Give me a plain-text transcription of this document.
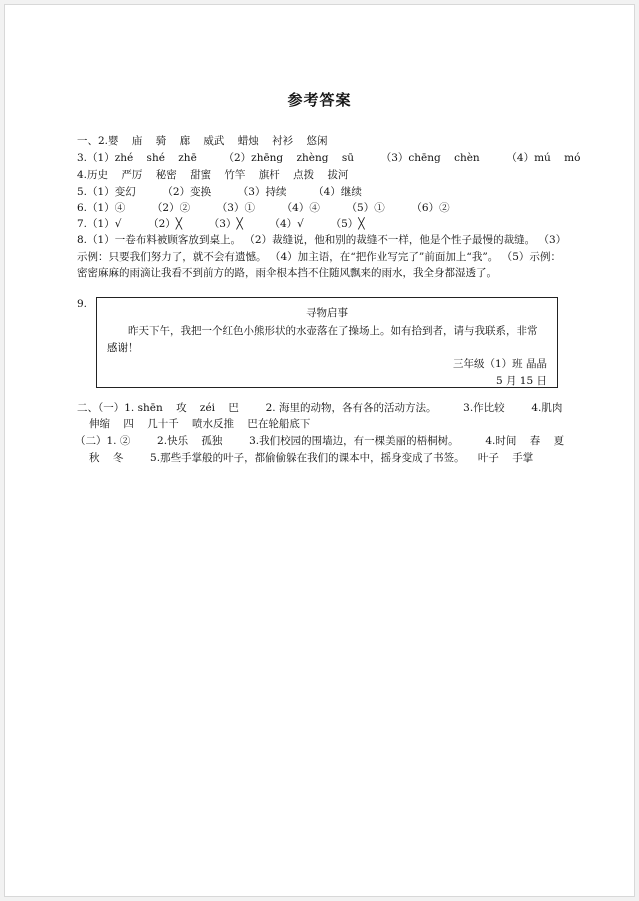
参考答案
一、2.婴    庙    骑    廊    威武    蜡烛    衬衫    悠闲
3.（1）zhé    shé    zhē        （2）zhēng    zhèng    sū        （3）chēng    chèn        （4）mú    mó
4.历史    严厉    秘密    甜蜜    竹竿    旗杆    点拨    拔河
5.（1）变幻        （2）变换        （3）持续        （4）继续
6.（1）④        （2）②        （3）①        （4）④        （5）①        （6）②
7.（1）√        （2）╳        （3）╳        （4）√        （5）╳
8.（1）一卷布料被顾客放到桌上。 （2）裁缝说，他和别的裁缝不一样，他是个性子最慢的裁缝。 （3）示例：只要我们努力了，就不会有遗憾。 （4）加主语，在“把作业写完了”前面加上“我”。 （5）示例：密密麻麻的雨滴让我看不到前方的路，雨伞根本挡不住随风飘来的雨水，我全身都湿透了。
9.
寻物启事
昨天下午，我把一个红色小熊形状的水壶落在了操场上。如有拾到者，请与我联系，非常感谢！
三年级（1）班 晶晶
5 月 15 日
二、（一）1. shēn    攻    zéi    巴        2. 海里的动物，各有各的活动方法。        3.作比较        4.肌肉
伸缩    四    几十千    喷水反推    巴在轮船底下
（二）1. ②        2.快乐    孤独        3.我们校园的围墙边，有一棵美丽的梧桐树。        4.时间    春    夏
秋    冬        5.那些手掌般的叶子，都偷偷躲在我们的课本中，摇身变成了书签。    叶子    手掌
